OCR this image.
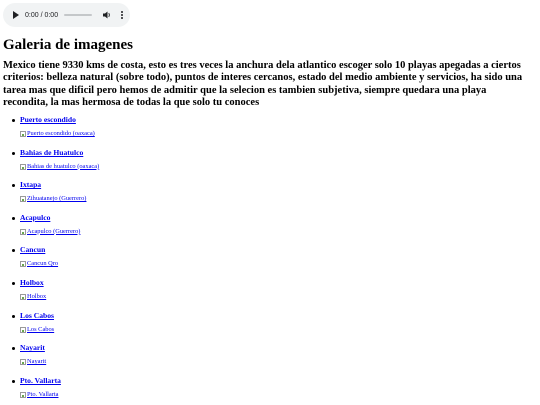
0:00 / 0:00
Galeria de imagenes
Mexico tiene 9330 kms de costa, esto es tres veces la anchura dela atlantico escoger solo 10 playas apegadas a ciertos criterios: belleza natural (sobre todo), puntos de interes cercanos, estado del medio ambiente y servicios, ha sido una tarea mas que dificil pero hemos de admitir que la selecion es tambien subjetiva, siempre quedara una playa recondita, la mas hermosa de todas la que solo tu conoces
Puerto escondido
Puerto escondido (oaxaca)
Bahias de Huatulco
Bahias de huatulco (oaxaca)
Ixtapa
Zihuatanejo (Guerrero)
Acapulco
Acapulco (Guerrero)
Cancun
Cancun Qro
Holbox
Holbox
Los Cabos
Los Cabos
Nayarit
Nayarit
Pto. Vallarta
Pto. Vallarta
